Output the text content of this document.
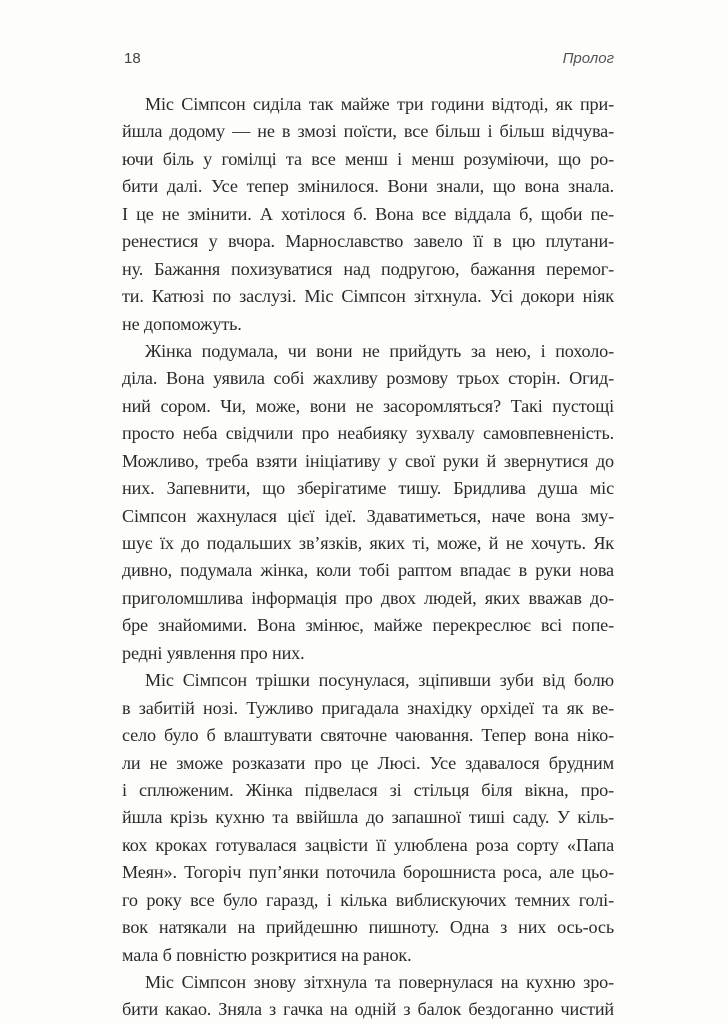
18	Пролог
Міс Сімпсон сиділа так майже три години відтоді, як при-
йшла додому — не в змозі поїсти, все більш і більш відчува-
ючи біль у гомілці та все менш і менш розуміючи, що ро-
бити далі. Усе тепер змінилося. Вони знали, що вона знала.
І це не змінити. А хотілося б. Вона все віддала б, щоби пе-
ренестися у вчора. Марнославство завело її в цю плутани-
ну. Бажання похизуватися над подругою, бажання перемог-
ти. Катюзі по заслузі. Міс Сімпсон зітхнула. Усі докори ніяк
не допоможуть.
Жінка подумала, чи вони не прийдуть за нею, і похоло-
діла. Вона уявила собі жахливу розмову трьох сторін. Огид-
ний сором. Чи, може, вони не засоромляться? Такі пустощі
просто неба свідчили про неабияку зухвалу самовпевненість.
Можливо, треба взяти ініціативу у свої руки й звернутися до
них. Запевнити, що зберігатиме тишу. Бридлива душа міс
Сімпсон жахнулася цієї ідеї. Здаватиметься, наче вона зму-
шує їх до подальших зв’язків, яких ті, може, й не хочуть. Як
дивно, подумала жінка, коли тобі раптом впадає в руки нова
приголомшлива інформація про двох людей, яких вважав до-
бре знайомими. Вона змінює, майже перекреслює всі попе-
редні уявлення про них.
Міс Сімпсон трішки посунулася, зціпивши зуби від болю
в забитій нозі. Тужливо пригадала знахідку орхідеї та як ве-
село було б влаштувати святочне чаювання. Тепер вона ніко-
ли не зможе розказати про це Люсі. Усе здавалося брудним
і сплюженим. Жінка підвелася зі стільця біля вікна, про-
йшла крізь кухню та ввійшла до запашної тиші саду. У кіль-
кох кроках готувалася зацвісти її улюблена роза сорту «Папа
Меян». Тогоріч пуп’янки поточила борошниста роса, але цьо-
го року все було гаразд, і кілька виблискуючих темних голі-
вок натякали на прийдешню пишноту. Одна з них ось-ось
мала б повністю розкритися на ранок.
Міс Сімпсон знову зітхнула та повернулася на кухню зро-
бити какао. Зняла з гачка на одній з балок бездоганно чистий
